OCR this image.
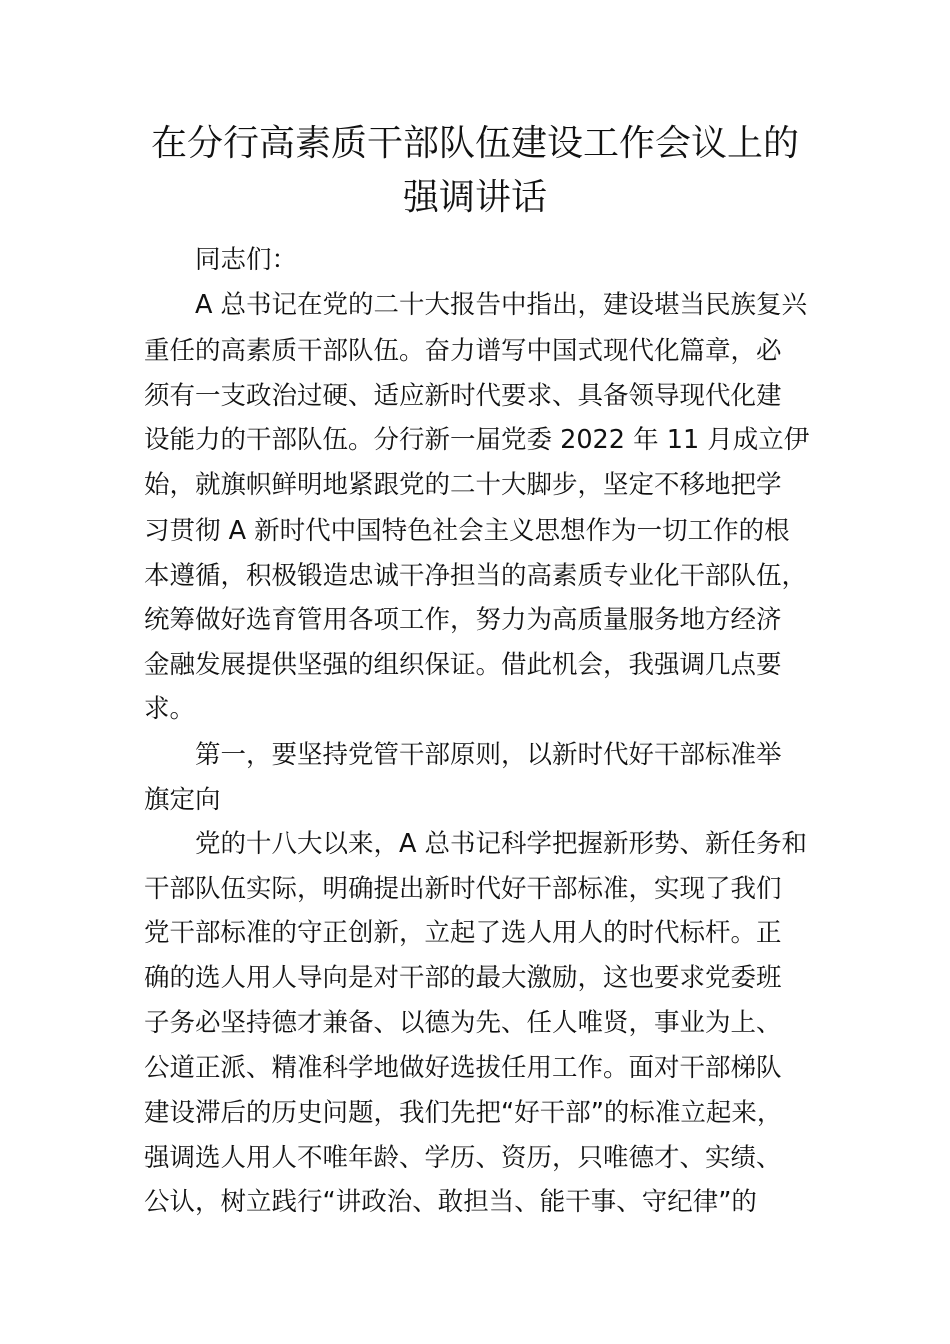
在分行高素质干部队伍建设工作会议上的
强调讲话
同志们：
A 总书记在党的二十大报告中指出，建设堪当民族复兴
重任的高素质干部队伍。奋力谱写中国式现代化篇章，必
须有一支政治过硬、适应新时代要求、具备领导现代化建
设能力的干部队伍。分行新一届党委 2022 年 11 月成立伊
始，就旗帜鲜明地紧跟党的二十大脚步，坚定不移地把学
习贯彻 A 新时代中国特色社会主义思想作为一切工作的根
本遵循，积极锻造忠诚干净担当的高素质专业化干部队伍，
统筹做好选育管用各项工作，努力为高质量服务地方经济
金融发展提供坚强的组织保证。借此机会，我强调几点要
求。
第一，要坚持党管干部原则，以新时代好干部标准举
旗定向
党的十八大以来，A 总书记科学把握新形势、新任务和
干部队伍实际，明确提出新时代好干部标准，实现了我们
党干部标准的守正创新，立起了选人用人的时代标杆。正
确的选人用人导向是对干部的最大激励，这也要求党委班
子务必坚持德才兼备、以德为先、任人唯贤，事业为上、
公道正派、精准科学地做好选拔任用工作。面对干部梯队
建设滞后的历史问题，我们先把“好干部”的标准立起来，
强调选人用人不唯年龄、学历、资历，只唯德才、实绩、
公认，树立践行“讲政治、敢担当、能干事、守纪律”的
